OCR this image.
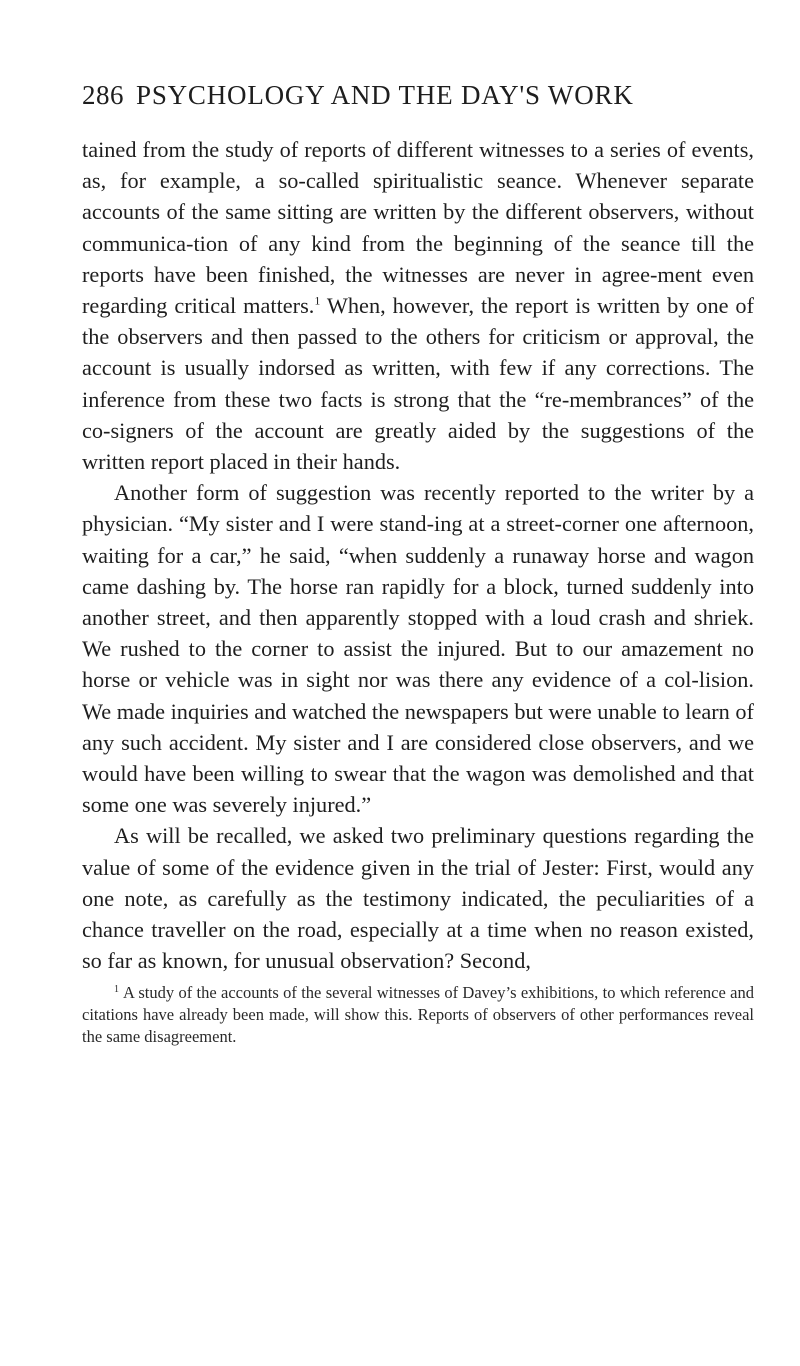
286 PSYCHOLOGY AND THE DAY'S WORK

tained from the study of reports of different witnesses to a series of events, as, for example, a so-called spiritualistic seance. Whenever separate accounts of the same sitting are written by the different observers, without communica-tion of any kind from the beginning of the seance till the reports have been finished, the witnesses are never in agree-ment even regarding critical matters.$^1$ When, however, the report is written by one of the observers and then passed to the others for criticism or approval, the account is usually indorsed as written, with few if any corrections. The inference from these two facts is strong that the “re-membrances” of the co-signers of the account are greatly aided by the suggestions of the written report placed in their hands.

Another form of suggestion was recently reported to the writer by a physician. “My sister and I were stand-ing at a street-corner one afternoon, waiting for a car,” he said, “when suddenly a runaway horse and wagon came dashing by. The horse ran rapidly for a block, turned suddenly into another street, and then apparently stopped with a loud crash and shriek. We rushed to the corner to assist the injured. But to our amazement no horse or vehicle was in sight nor was there any evidence of a col-lision. We made inquiries and watched the newspapers but were unable to learn of any such accident. My sister and I are considered close observers, and we would have been willing to swear that the wagon was demolished and that some one was severely injured.”

As will be recalled, we asked two preliminary questions regarding the value of some of the evidence given in the trial of Jester: First, would any one note, as carefully as the testimony indicated, the peculiarities of a chance traveller on the road, especially at a time when no reason existed, so far as known, for unusual observation? Second,

$^1$ A study of the accounts of the several witnesses of Davey’s exhibitions, to which reference and citations have already been made, will show this. Reports of observers of other performances reveal the same disagreement.
